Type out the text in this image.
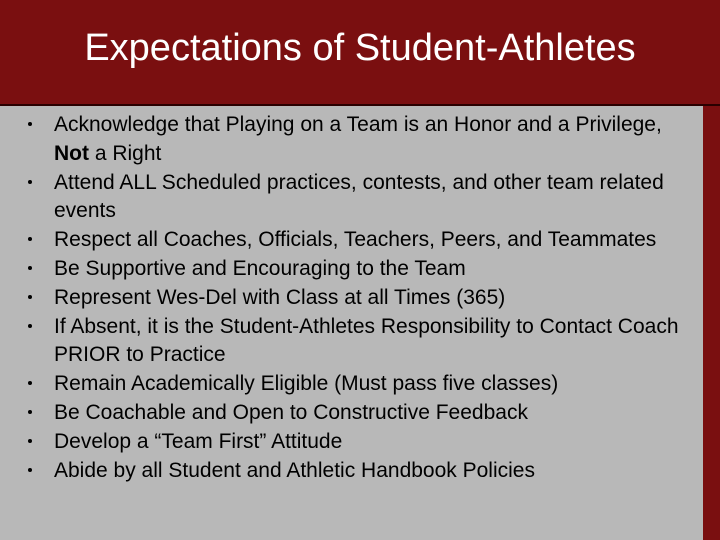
Expectations of Student-Athletes
Acknowledge that Playing on a Team is an Honor and a Privilege, Not a Right
Attend ALL Scheduled practices, contests, and other team related events
Respect all Coaches, Officials, Teachers, Peers, and Teammates
Be Supportive and Encouraging to the Team
Represent Wes-Del with Class at all Times (365)
If Absent, it is the Student-Athletes Responsibility to Contact Coach PRIOR to Practice
Remain Academically Eligible (Must pass five classes)
Be Coachable and Open to Constructive Feedback
Develop a “Team First” Attitude
Abide by all Student and Athletic Handbook Policies
